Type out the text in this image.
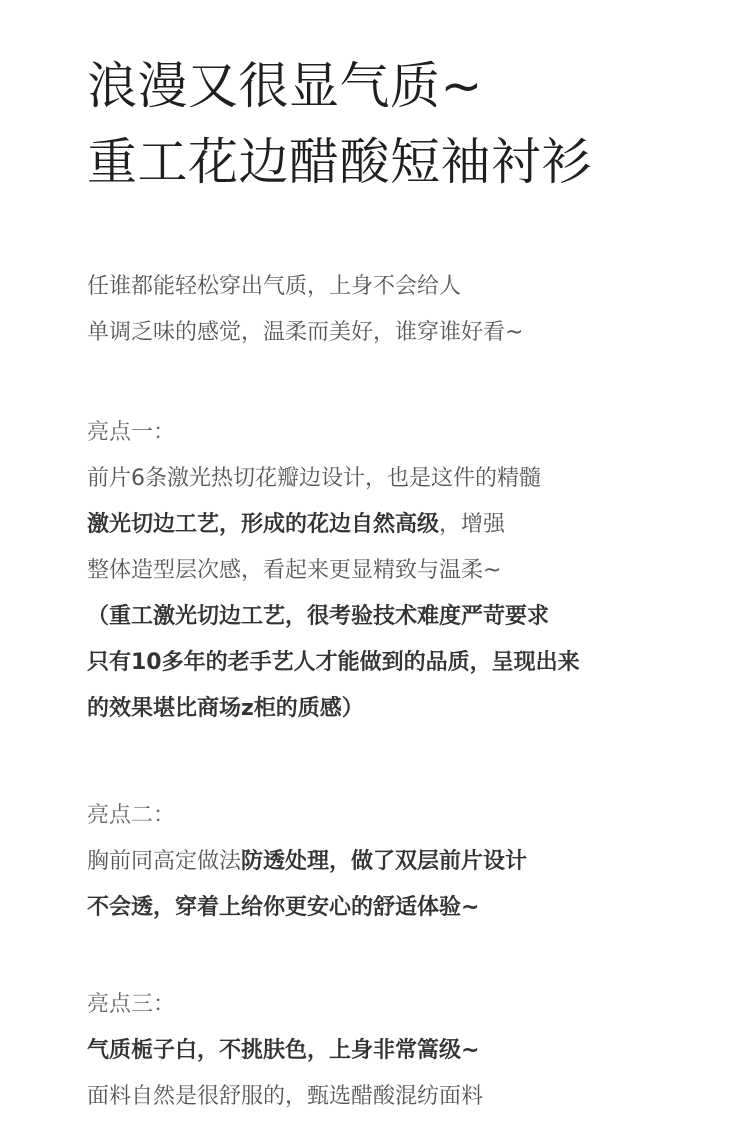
浪漫又很显气质~
重工花边醋酸短袖衬衫

任谁都能轻松穿出气质，上身不会给人

单调乏味的感觉，温柔而美好，谁穿谁好看~

亮点一：

前片6条激光热切花瓣边设计，也是这件的精髓

激光切边工艺，形成的花边自然高级，增强

整体造型层次感，看起来更显精致与温柔~

（重工激光切边工艺，很考验技术难度严苛要求

只有10多年的老手艺人才能做到的品质，呈现出来

的效果堪比商场z柜的质感）

亮点二：

胸前同高定做法防透处理，做了双层前片设计

不会透，穿着上给你更安心的舒适体验~

亮点三：

气质栀子白，不挑肤色，上身非常篙级~

面料自然是很舒服的，甄选醋酸混纺面料
